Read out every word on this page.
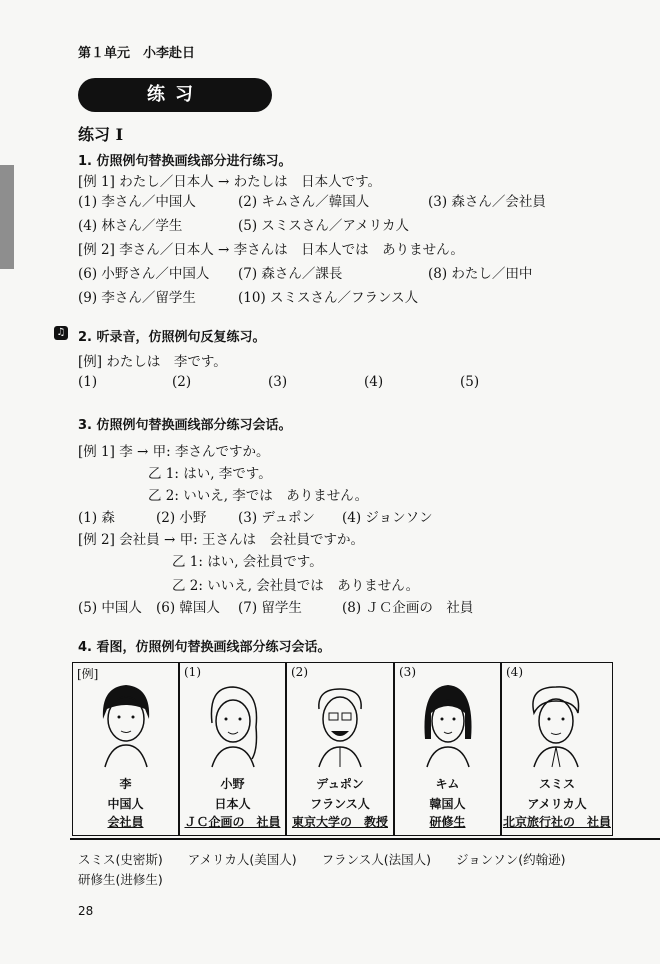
第１单元　小李赴日
练习
练习 I
1. 仿照例句替换画线部分进行练习。
[例 1] わたし／日本人 → わたしは　日本人です。
(1) 李さん／中国人	(2) キムさん／韓国人	(3) 森さん／会社員
(4) 林さん／学生	(5) スミスさん／アメリカ人
[例 2] 李さん／日本人 → 李さんは　日本人では　ありません。
(6) 小野さん／中国人 (7) 森さん／課長	(8) わたし／田中
(9) 李さん／留学生	(10) スミスさん／フランス人
♫ 2. 听录音，仿照例句反复练习。
[例] わたしは　李です。
(1)	(2)	(3)	(4)	(5)
3. 仿照例句替换画线部分练习会话。
[例 1] 李 → 甲: 李さんですか。
乙 1: はい, 李です。
乙 2: いいえ, 李では　ありません。
(1) 森	(2) 小野 (3) デュポン (4) ジョンソン
[例 2] 会社員 → 甲: 王さんは　会社員ですか。
乙 1: はい, 会社員です。
乙 2: いいえ, 会社員では　ありません。
(5) 中国人 (6) 韓国人 (7) 留学生	(8) ＪＣ企画の　社員
4. 看图，仿照例句替换画线部分练习会话。
[例]
李
中国人
会社員
(1)
小野
日本人
ＪＣ企画の　社員
(2)
デュポン
フランス人
東京大学の　教授
(3)
キム
韓国人
研修生
(4)
スミス
アメリカ人
北京旅行社の　社員
スミス(史密斯)　　アメリカ人(美国人)　　フランス人(法国人)　　ジョンソン(约翰逊)
研修生(进修生)
28
